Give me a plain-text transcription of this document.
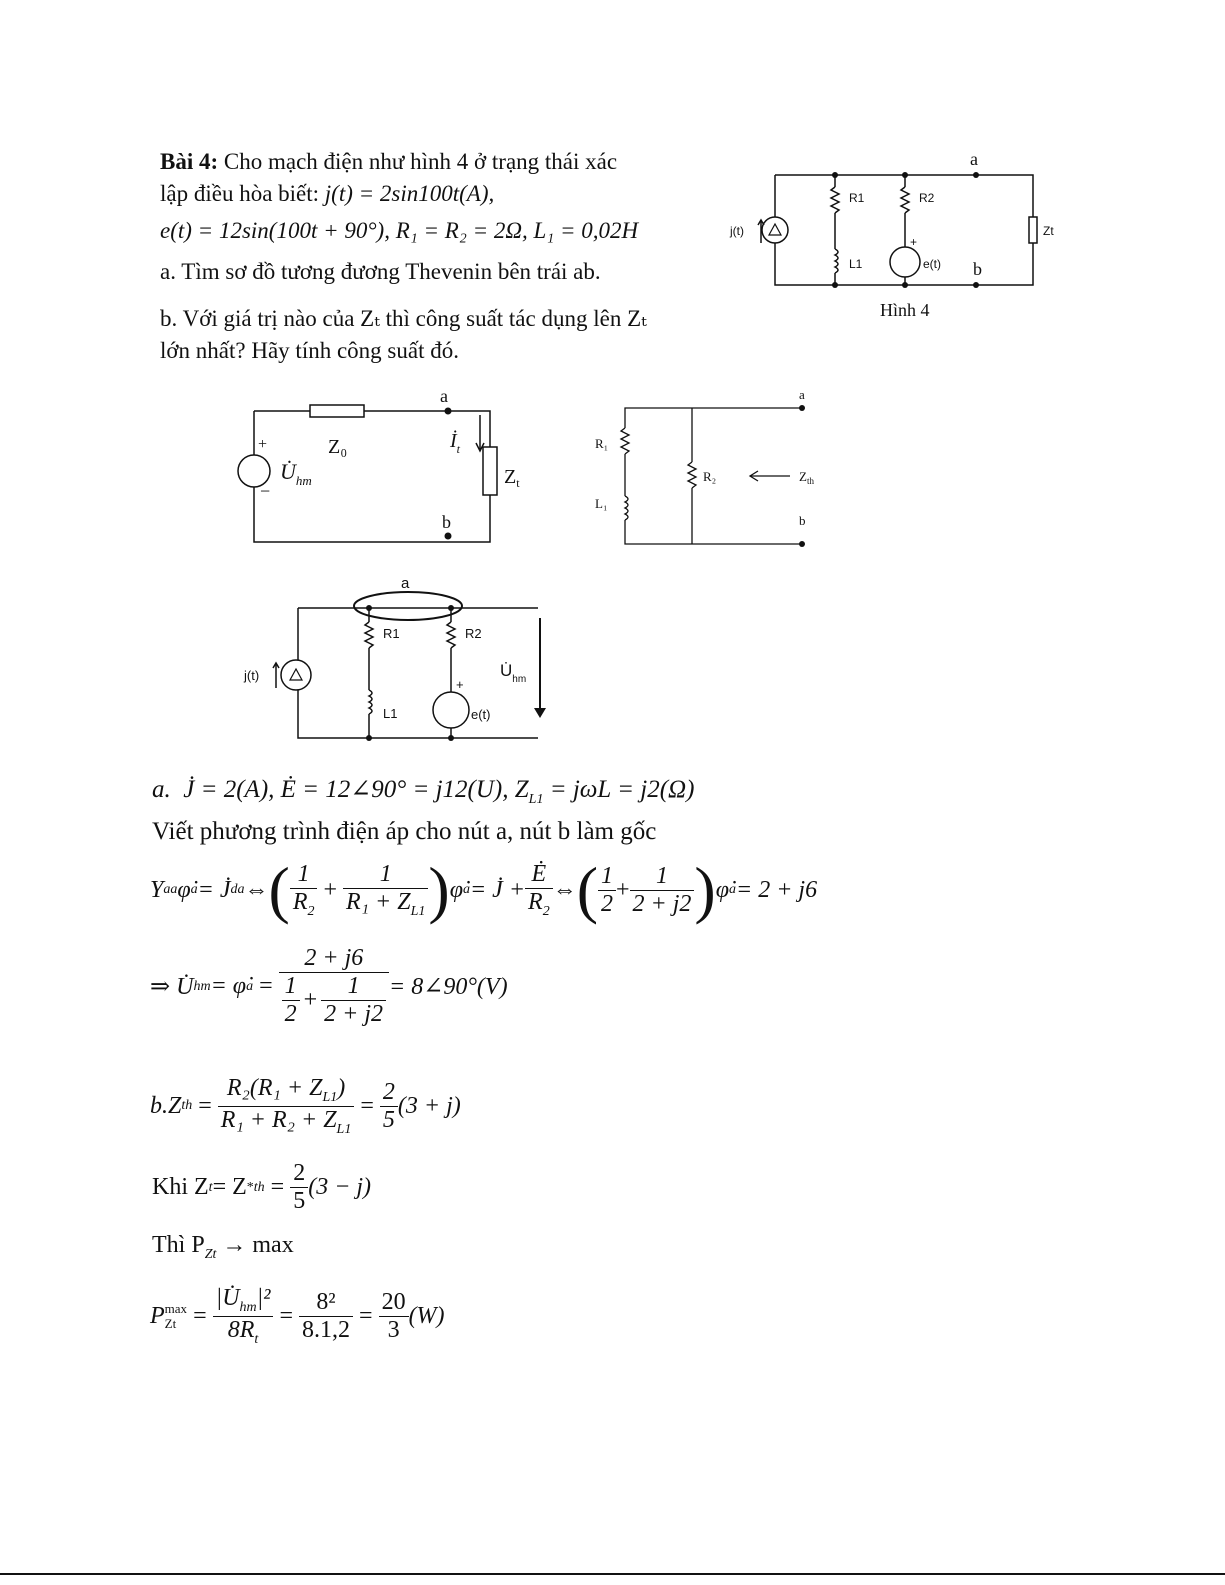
Bài 4: Cho mạch điện như hình 4 ở trạng thái xác
lập điều hòa biết: j(t) = 2sin100t(A),
e(t) = 12sin(100t + 90°), R₁ = R₂ = 2Ω, L₁ = 0,02H
a. Tìm sơ đồ tương đương Thevenin bên trái ab.
b. Với giá trị nào của Zₜ thì công suất tác dụng lên Zₜ
lớn nhất? Hãy tính công suất đó.
R1	R2
L1	e(t)
j(t)	Zt
+
a
b
Hình 4
a
b
Z₀
+
−
$U̇_{hm}$
$İ_t$
$Z_t$
a
b
R₁
L₁
R₂	$Z_{th}$
a
R1	R2
L1	e(t)
j(t)
+
$U̇_{hm}$
a. J̇ = 2(A), Ė = 12∠90° = j12(U), $Z_{L1} = j\omega L = j2(\Omega)$
Viết phương trình điện áp cho nút a, nút b làm gốc
Y aa φ̇ a = J̇ da ⇔ ( $\frac{1}{R_2} + \frac{1}{R_1 + Z_{L1}}$ ) φ̇ a = J̇ + $\frac{Ė}{R_2}$ ⇔ ( $\frac{1}{2} + \frac{1}{2 + j2}$ ) φ̇ a = 2 + j6
⇒ U̇ hm = φ̇ $a = \frac{2 + j6}{\frac{1}{2} + \frac{1}{2 + j2}}$ = 8∠90°(V)
b.Z th = $\frac{R_2(R_1 + Z_{L1})}{R_1 + R_2 + Z_{L1}} = \frac{2}{5} (3 + j)$
Khi Z t = Z * th = $\frac{2}{5} (3 - j)$
Thì $P_{Zt} \to \max$
P max
$Zt = \frac{|U̇_{hm}|^2}{8R_t} = \frac{\text{8²}}{8.1,2} = \frac{20}{3} (W)$
